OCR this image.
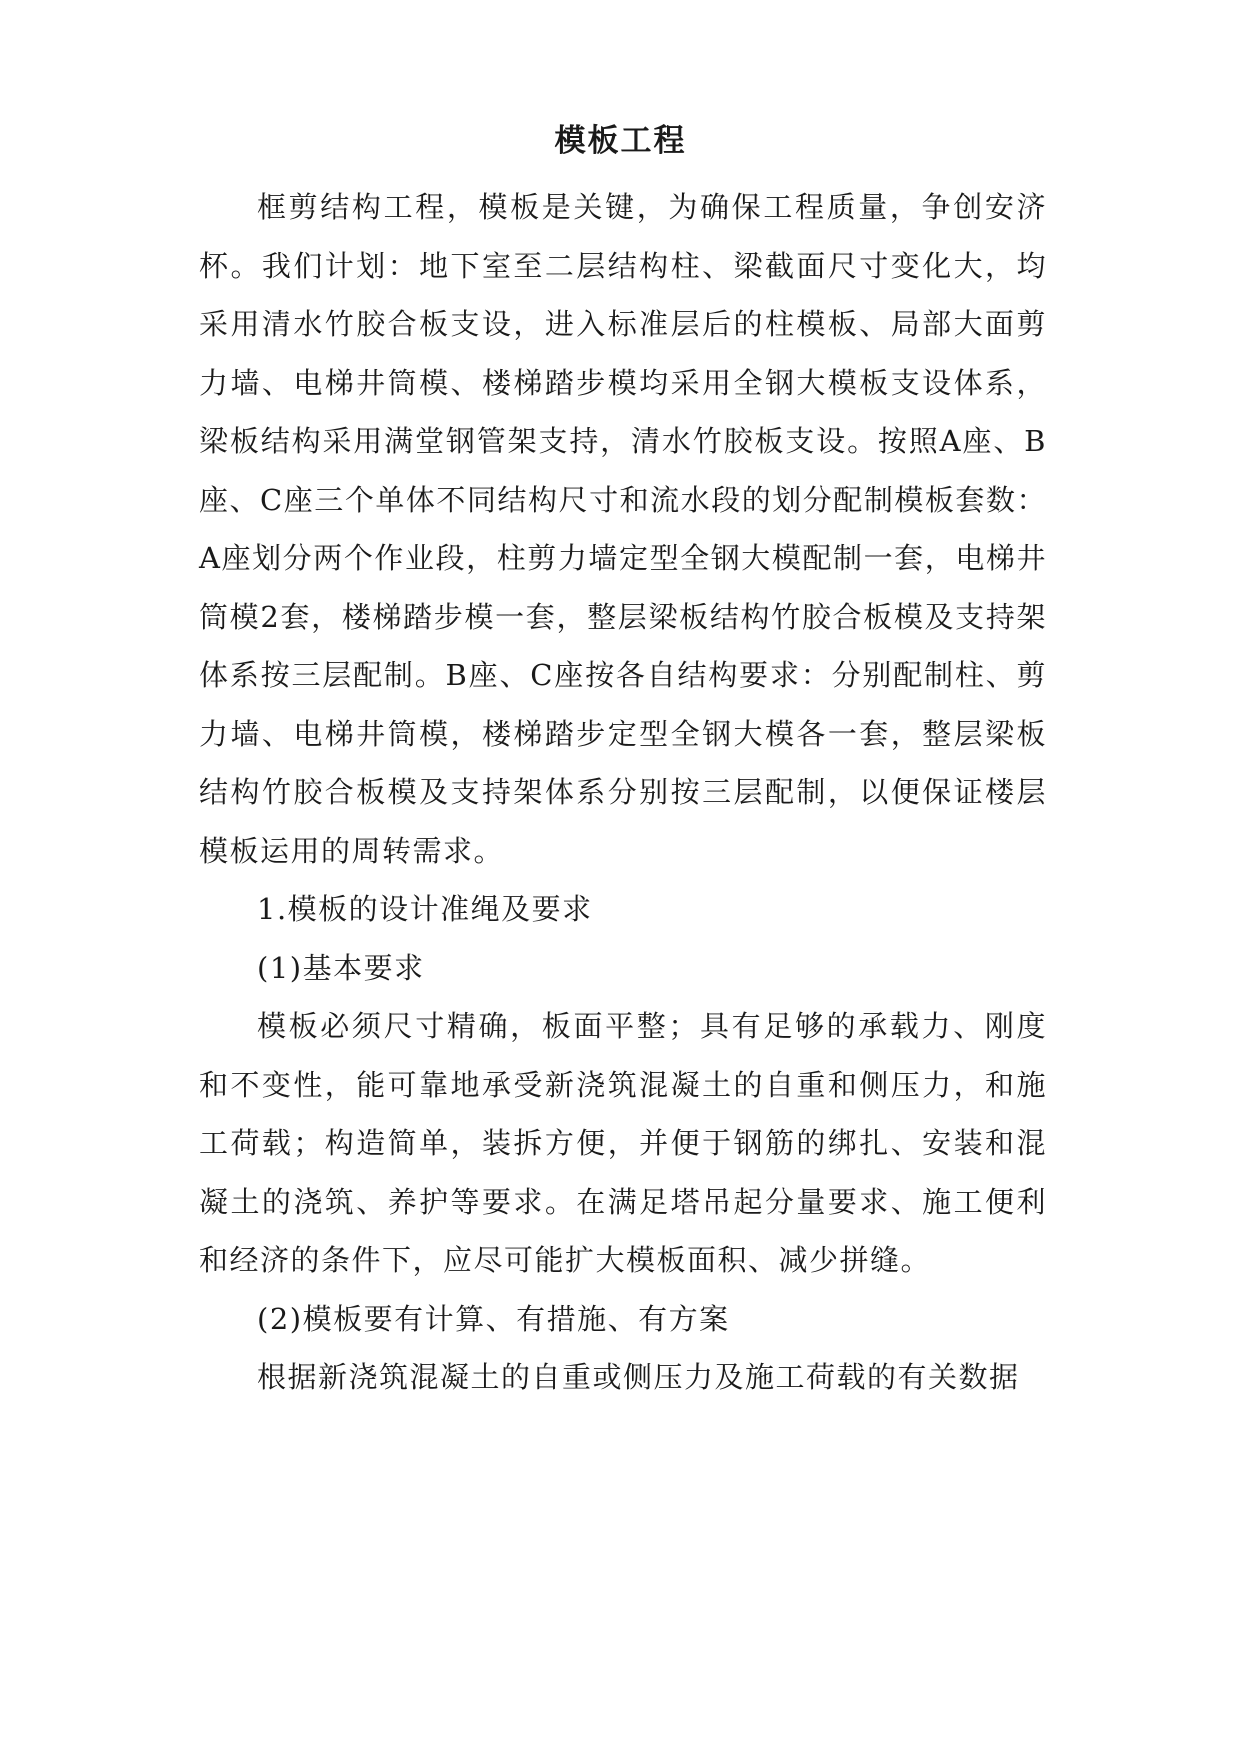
模板工程

框剪结构工程，模板是关键，为确保工程质量，争创安济杯。我们计划：地下室至二层结构柱、梁截面尺寸变化大，均采用清水竹胶合板支设，进入标准层后的柱模板、局部大面剪力墙、电梯井筒模、楼梯踏步模均采用全钢大模板支设体系，梁板结构采用满堂钢管架支持，清水竹胶板支设。按照A座、B座、C座三个单体不同结构尺寸和流水段的划分配制模板套数：A座划分两个作业段，柱剪力墙定型全钢大模配制一套，电梯井筒模2套，楼梯踏步模一套，整层梁板结构竹胶合板模及支持架体系按三层配制。B座、C座按各自结构要求：分别配制柱、剪力墙、电梯井筒模，楼梯踏步定型全钢大模各一套，整层梁板结构竹胶合板模及支持架体系分别按三层配制，以便保证楼层模板运用的周转需求。

1.模板的设计准绳及要求

(1)基本要求

模板必须尺寸精确，板面平整；具有足够的承载力、刚度和不变性，能可靠地承受新浇筑混凝土的自重和侧压力，和施工荷载；构造简单，装拆方便，并便于钢筋的绑扎、安装和混凝土的浇筑、养护等要求。在满足塔吊起分量要求、施工便利和经济的条件下，应尽可能扩大模板面积、减少拼缝。

(2)模板要有计算、有措施、有方案

根据新浇筑混凝土的自重或侧压力及施工荷载的有关数据
